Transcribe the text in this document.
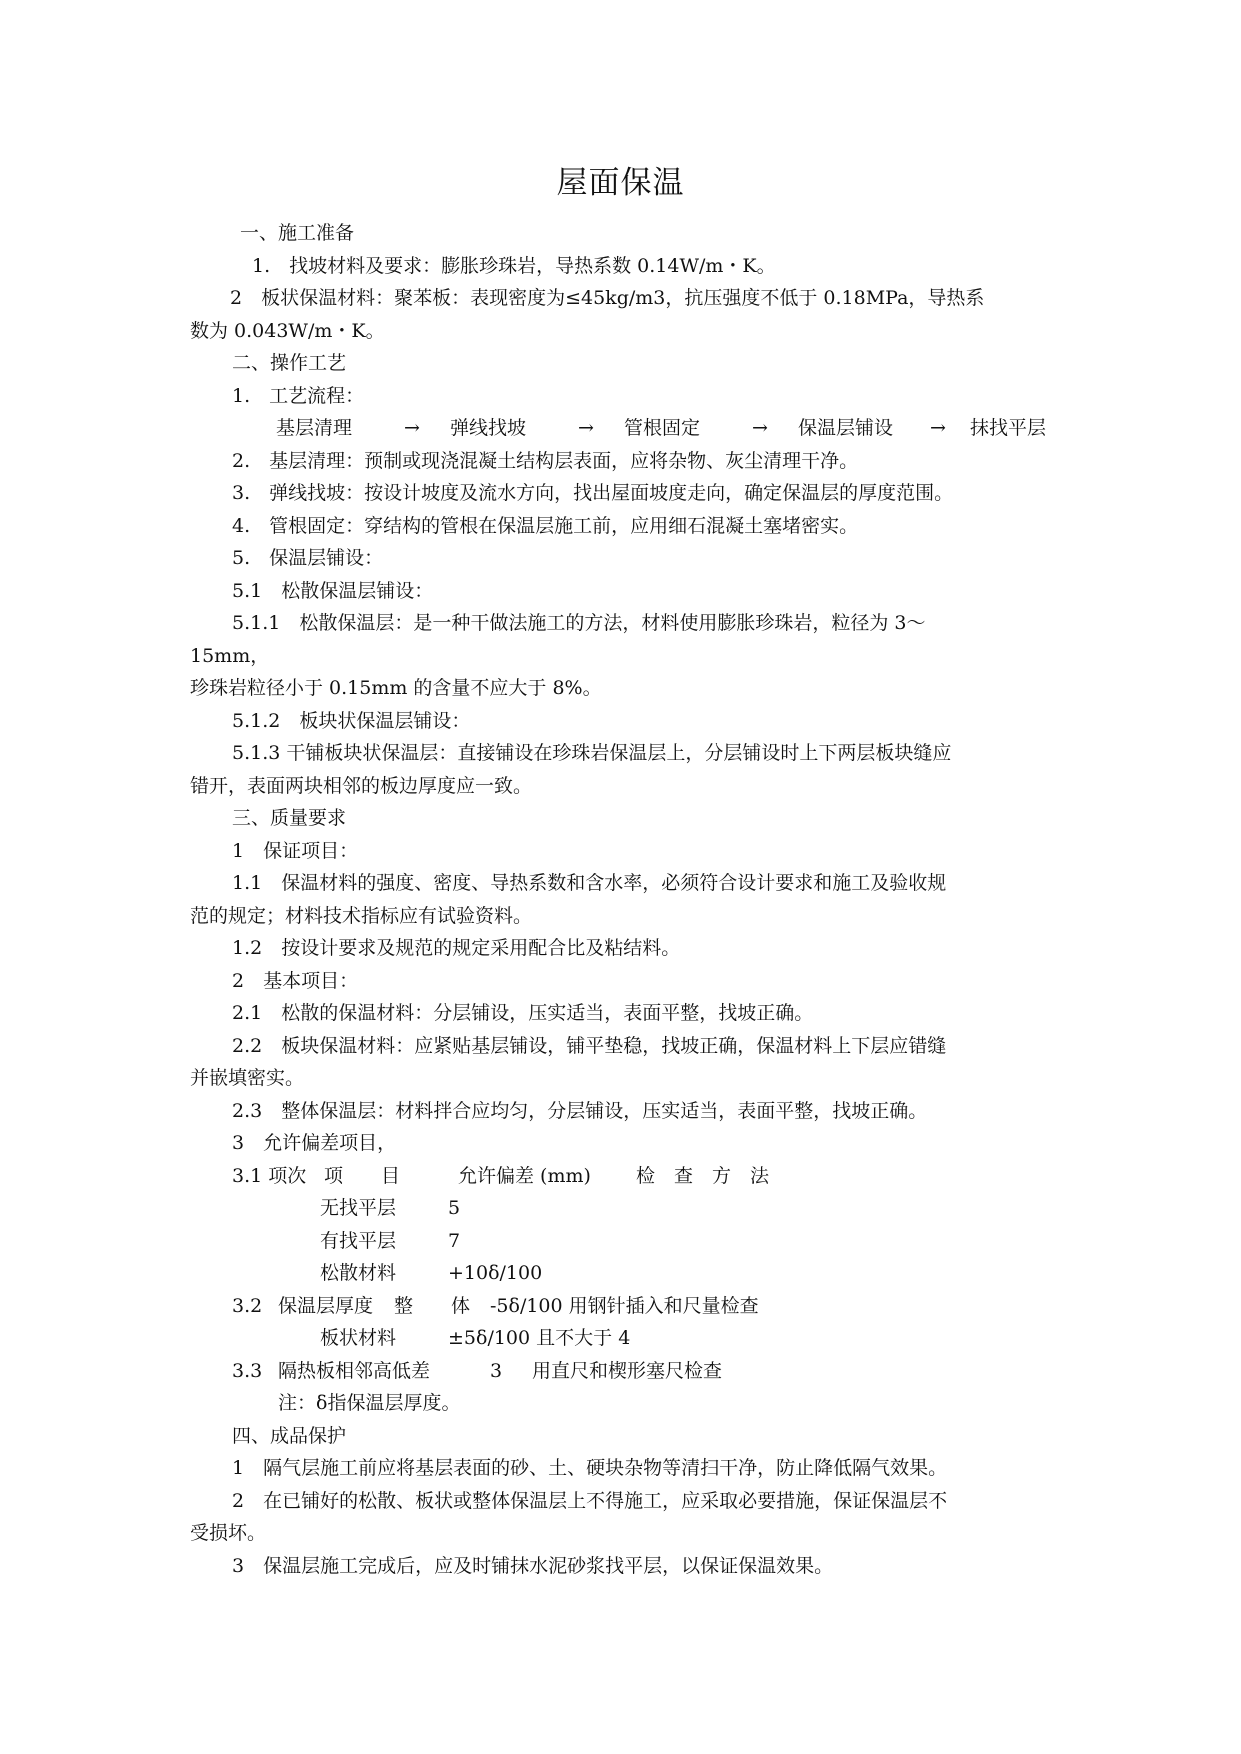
屋面保温

一、施工准备

1.　找坡材料及要求：膨胀珍珠岩，导热系数 0.14W/m・K。

2　板状保温材料：聚苯板：表现密度为≤45kg/m3，抗压强度不低于 0.18MPa，导热系

数为 0.043W/m・K。

二、操作工艺

1.　工艺流程：

基层清理	→	弹线找坡	→	管根固定	→	保温层铺设	→	抹找平层

2.　基层清理：预制或现浇混凝土结构层表面，应将杂物、灰尘清理干净。

3.　弹线找坡：按设计坡度及流水方向，找出屋面坡度走向，确定保温层的厚度范围。

4.　管根固定：穿结构的管根在保温层施工前，应用细石混凝土塞堵密实。

5.　保温层铺设：

5.1　松散保温层铺设：

5.1.1　松散保温层：是一种干做法施工的方法，材料使用膨胀珍珠岩，粒径为 3～

15mm，

珍珠岩粒径小于 0.15mm 的含量不应大于 8%。

5.1.2　板块状保温层铺设：

5.1.3 干铺板块状保温层：直接铺设在珍珠岩保温层上，分层铺设时上下两层板块缝应

错开，表面两块相邻的板边厚度应一致。

三、质量要求

1　保证项目：

1.1　保温材料的强度、密度、导热系数和含水率，必须符合设计要求和施工及验收规

范的规定；材料技术指标应有试验资料。

1.2　按设计要求及规范的规定采用配合比及粘结料。

2　基本项目：

2.1　松散的保温材料：分层铺设，压实适当，表面平整，找坡正确。

2.2　板块保温材料：应紧贴基层铺设，铺平垫稳，找坡正确，保温材料上下层应错缝

并嵌填密实。

2.3　整体保温层：材料拌合应均匀，分层铺设，压实适当，表面平整，找坡正确。

3　允许偏差项目，

3.1 项次 项　　目	允许偏差 (mm)	检　查　方　法
无找平层	5
有找平层	7
松散材料	+10δ/100
3.2 保温层厚度	整　　体	-5δ/100 用钢针插入和尺量检查
板状材料	±5δ/100 且不大于 4
3.3 隔热板相邻高低差	3	用直尺和楔形塞尺检查

注：δ指保温层厚度。

四、成品保护

1　隔气层施工前应将基层表面的砂、土、硬块杂物等清扫干净，防止降低隔气效果。

2　在已铺好的松散、板状或整体保温层上不得施工，应采取必要措施，保证保温层不

受损坏。

3　保温层施工完成后，应及时铺抹水泥砂浆找平层，以保证保温效果。
